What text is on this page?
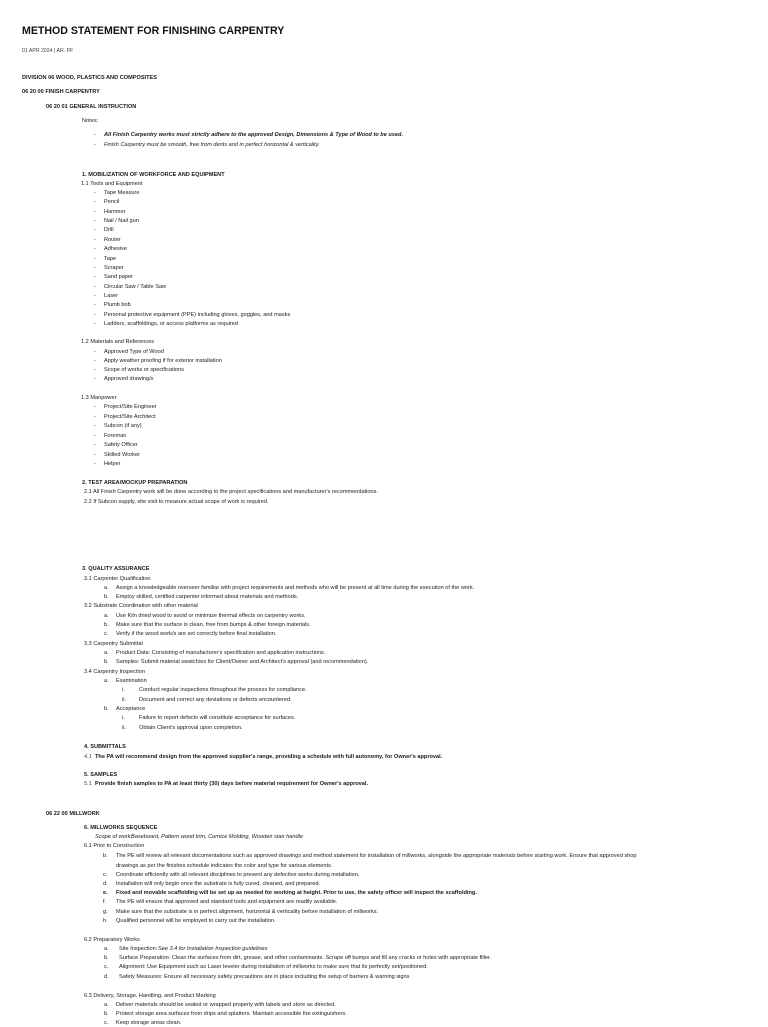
METHOD STATEMENT FOR FINISHING CARPENTRY
01 APR 2024 | AR. PF
DIVISION 06 WOOD, PLASTICS AND COMPOSITES
06 20 00 FINISH CARPENTRY
06 20 01 GENERAL INSTRUCTION
Notes:
- All Finish Carpentry works must strictly adhere to the approved Design, Dimensions & Type of Wood to be used.
- Finish Carpentry must be smooth, free from dents and in perfect horizontal & verticality.
1. MOBILIZATION OF WORKFORCE AND EQUIPMENT
1.1 Tools and Equipment
- Tape Measure
- Pencil
- Hammer
- Nail / Nail gun
- Drill
- Router
- Adhesive
- Tape
- Scraper
- Sand paper
- Circular Saw / Table Saw
- Laser
- Plumb bob
- Personal protective equipment (PPE) including gloves, goggles, and masks
- Ladders, scaffoldings, or access platforms as required
1.2 Materials and References
- Approved Type of Wood
- Apply weather proofing if for exterior installation
- Scope of works or specifications
- Approved drawing/s
1.3 Manpower
- Project/Site Engineer
- Project/Site Architect
- Subcon (if any)
- Foreman
- Safety Officer
- Skilled Worker
- Helper
2. TEST AREA/MOCKUP PREPARATION
2.1 All Finish Carpentry work will be done according to the project specifications and manufacturer's recommendations.
2.2 If Subcon supply, site visit to measure actual scope of work is required.
3. QUALITY ASSURANCE
3.1 Carpenter Qualification
a. Assign a knowledgeable overseer familiar with project requirements and methods who will be present at all time during the execution of the work.
b. Employ skilled, certified carpenter informed about materials and methods.
3.2 Substrate Coordination with other material
a. Use Kiln dried wood to avoid or minimize thermal effects on carpentry works.
b. Make sure that the surface is clean, free from bumps & other foreign materials.
c. Verify if the wood work/s are set correctly before final installation.
3.3 Carpentry Submittal
a. Product Data: Consisting of manufacturer's specification and application instructions.
b. Samples: Submit material swatch/es for Client/Owner and Architect's approval (and recommendation).
3.4 Carpentry Inspection
a. Examination
i.	Conduct regular inspections throughout the process for compliance.
ii. Document and correct any deviations or defects encountered.
b. Acceptance
i.	Failure to report defects will constitute acceptance for surfaces.
ii. Obtain Client's approval upon completion.
4. SUBMITTALS
4.1 The PA will recommend design from the approved supplier's range, providing a schedule with full autonomy, for Owner's approval.
5. SAMPLES
5.1 Provide finish samples to PA at least thirty (30) days before material requirement for Owner's approval.
06 22 00 MILLWORK
6. MILLWORKS SEQUENCE
Scope of work: Baseboard, Pattern wood trim, Cornice Molding, Wooden stair handle
6.1 Prior to Construction
b. The PE will review all relevant documentations such as approved drawings and method statement for installation of millworks, alongside the appropriate materials before starting work. Ensure that approved shop
drawings as per the finishes schedule indicates the color and type for various elements.
c. Coordinate efficiently with all relevant disciplines to prevent any defective works during installation.
d. Installation will only begin once the substrate is fully cured, cleaned, and prepared.
e. Fixed and movable scaffolding will be set up as needed for working at height. Prior to use, the safety officer will inspect the scaffolding.
f. The PE will ensure that approved and standard tools and equipment are readily available.
g. Make sure that the substrate is in perfect alignment, horizontal & verticality before installation of millworks.
h. Qualified personnel will be employed to carry out the installation.
6.2 Preparatory Works
a. Site Inspection:
b. Surface Preparation: Clean the surfaces from dirt, grease, and other contaminants. Scrape off bumps and fill any cracks or holes with appropriate filler.
c. Alignment: Use Equipment such as Laser leveler during installation of millworks to make sure that its perfectly set/positioned.
d. Safety Measures: Ensure all necessary safety precautions are in place including the setup of barriers & warning signs
See 3.4 for Installation Inspection guidelines
6.3 Delivery, Storage, Handling, and Product Marking
a. Deliver materials should be sealed or wrapped properly with labels and store as directed.
b. Protect storage area surfaces from drips and splatters. Maintain accessible fire extinguishers.
c. Keep storage areas clean.
